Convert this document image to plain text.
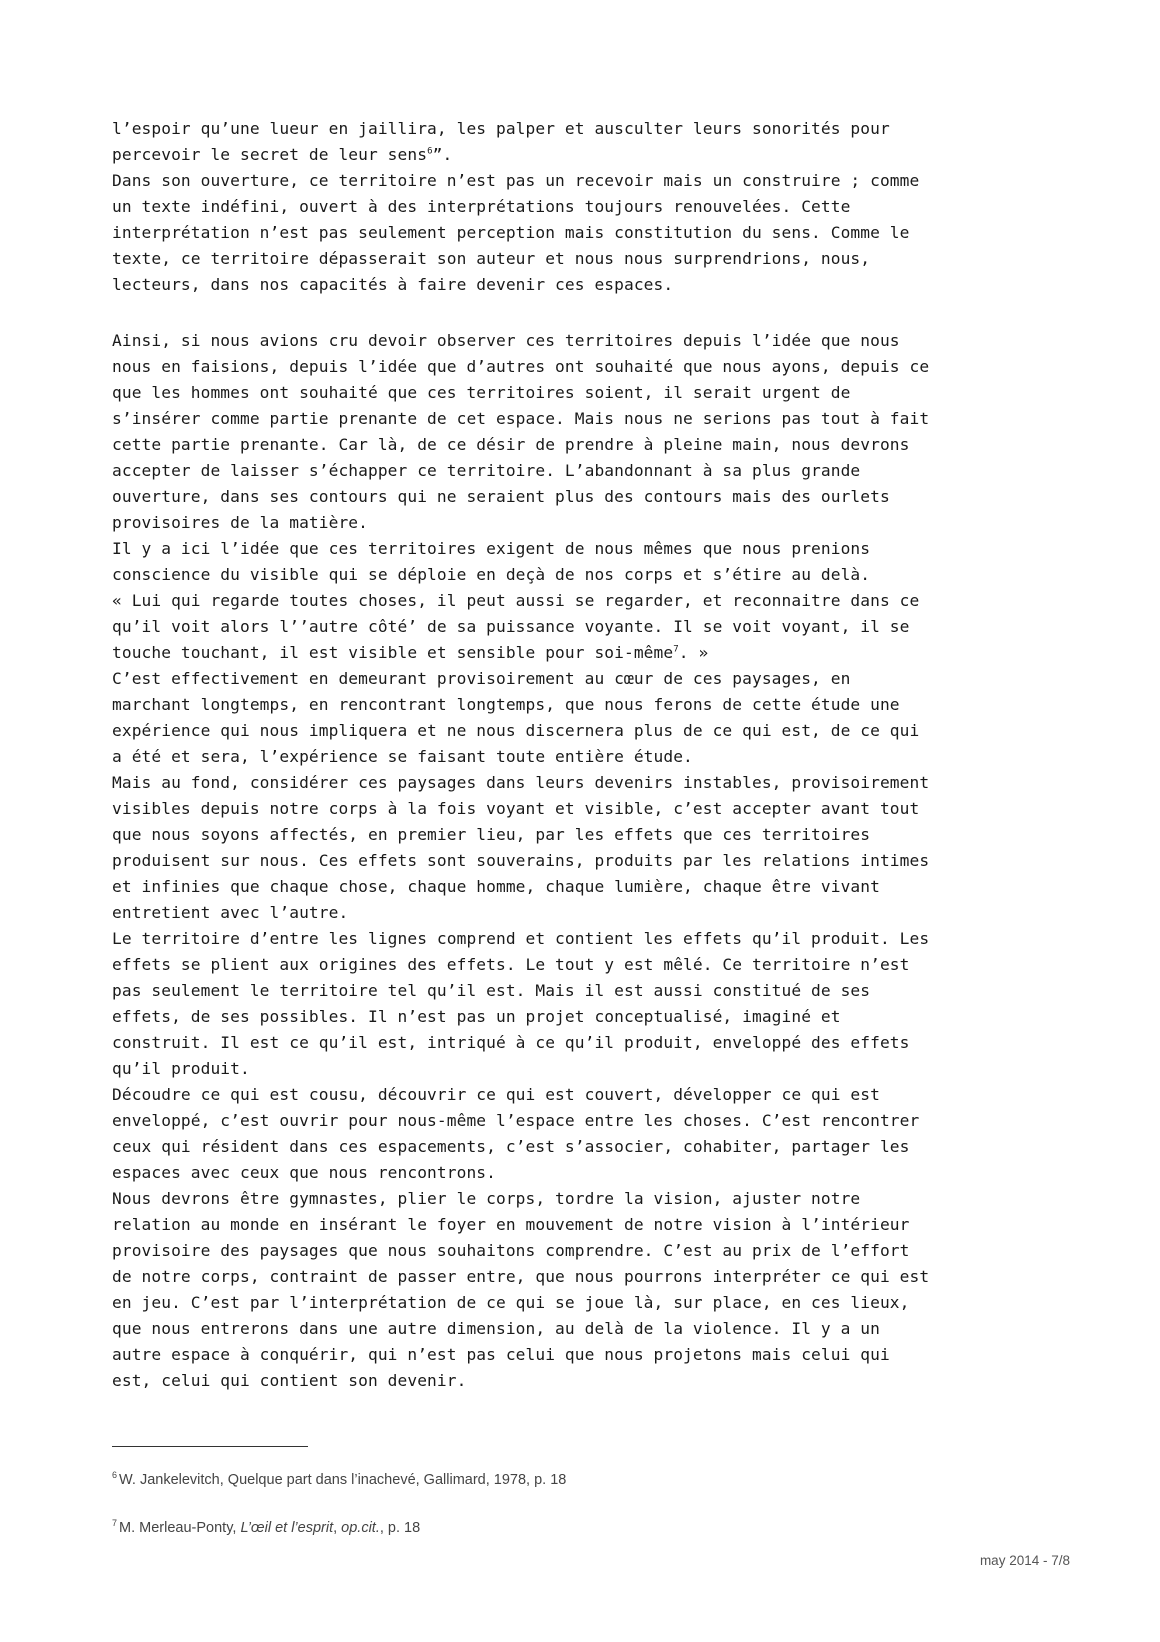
l’espoir qu’une lueur en jaillira, les palper et ausculter leurs sonorités pour
percevoir le secret de leur sens$^6$”.

Dans son ouverture, ce territoire n’est pas un recevoir mais un construire ; comme
un texte indéfini, ouvert à des interprétations toujours renouvelées. Cette
interprétation n’est pas seulement perception mais constitution du sens. Comme le
texte, ce territoire dépasserait son auteur et nous nous surprendrions, nous,
lecteurs, dans nos capacités à faire devenir ces espaces.

Ainsi, si nous avions cru devoir observer ces territoires depuis l’idée que nous
nous en faisions, depuis l’idée que d’autres ont souhaité que nous ayons, depuis ce
que les hommes ont souhaité que ces territoires soient, il serait urgent de
s’insérer comme partie prenante de cet espace. Mais nous ne serions pas tout à fait
cette partie prenante. Car là, de ce désir de prendre à pleine main, nous devrons
accepter de laisser s’échapper ce territoire. L’abandonnant à sa plus grande
ouverture, dans ses contours qui ne seraient plus des contours mais des ourlets
provisoires de la matière.

Il y a ici l’idée que ces territoires exigent de nous mêmes que nous prenions
conscience du visible qui se déploie en deçà de nos corps et s’étire au delà.

« Lui qui regarde toutes choses, il peut aussi se regarder, et reconnaitre dans ce
qu’il voit alors l’’autre côté’ de sa puissance voyante. Il se voit voyant, il se
touche touchant, il est visible et sensible pour soi-même$^7$. »

C’est effectivement en demeurant provisoirement au cœur de ces paysages, en
marchant longtemps, en rencontrant longtemps, que nous ferons de cette étude une
expérience qui nous impliquera et ne nous discernera plus de ce qui est, de ce qui
a été et sera, l’expérience se faisant toute entière étude.

Mais au fond, considérer ces paysages dans leurs devenirs instables, provisoirement
visibles depuis notre corps à la fois voyant et visible, c’est accepter avant tout
que nous soyons affectés, en premier lieu, par les effets que ces territoires
produisent sur nous. Ces effets sont souverains, produits par les relations intimes
et infinies que chaque chose, chaque homme, chaque lumière, chaque être vivant
entretient avec l’autre.

Le territoire d’entre les lignes comprend et contient les effets qu’il produit. Les
effets se plient aux origines des effets. Le tout y est mêlé. Ce territoire n’est
pas seulement le territoire tel qu’il est. Mais il est aussi constitué de ses
effets, de ses possibles. Il n’est pas un projet conceptualisé, imaginé et
construit. Il est ce qu’il est, intriqué à ce qu’il produit, enveloppé des effets
qu’il produit.

Découdre ce qui est cousu, découvrir ce qui est couvert, développer ce qui est
enveloppé, c’est ouvrir pour nous-même l’espace entre les choses. C’est rencontrer
ceux qui résident dans ces espacements, c’est s’associer, cohabiter, partager les
espaces avec ceux que nous rencontrons.

Nous devrons être gymnastes, plier le corps, tordre la vision, ajuster notre
relation au monde en insérant le foyer en mouvement de notre vision à l’intérieur
provisoire des paysages que nous souhaitons comprendre. C’est au prix de l’effort
de notre corps, contraint de passer entre, que nous pourrons interpréter ce qui est
en jeu. C’est par l’interprétation de ce qui se joue là, sur place, en ces lieux,
que nous entrerons dans une autre dimension, au delà de la violence. Il y a un
autre espace à conquérir, qui n’est pas celui que nous projetons mais celui qui
est, celui qui contient son devenir.

$^6$ W. Jankelevitch, Quelque part dans l’inachevé, Gallimard, 1978, p. 18
$^7$ M. Merleau-Ponty, L’œil et l’esprit, op.cit., p. 18
may 2014 - 7/8
